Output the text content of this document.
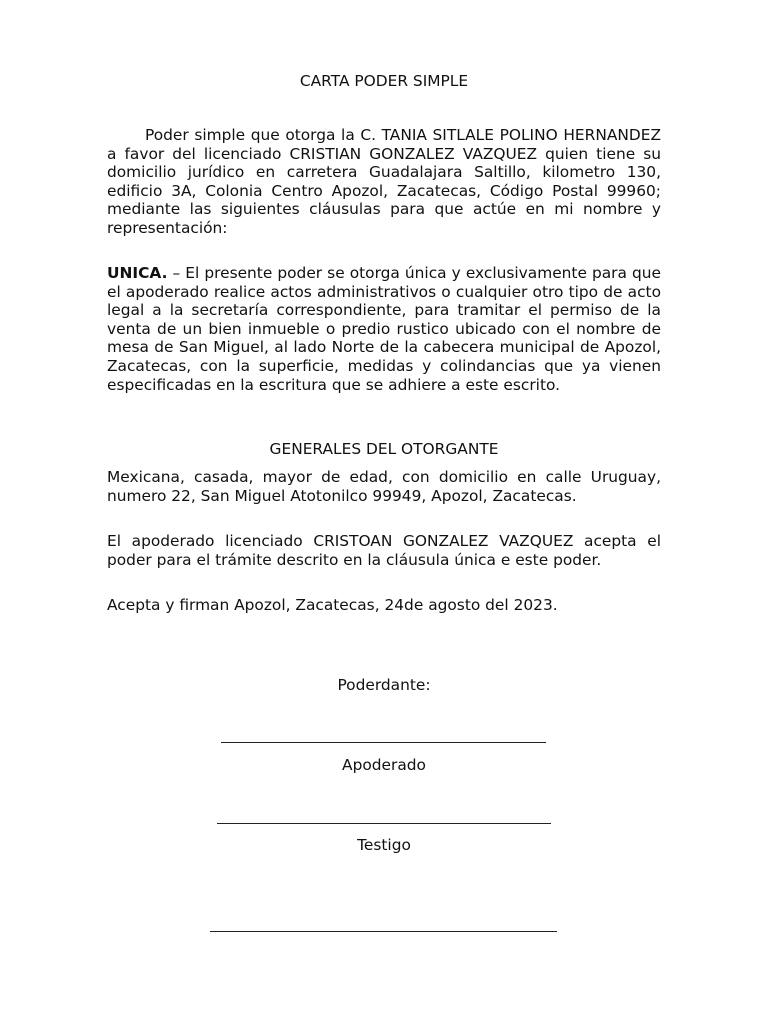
CARTA PODER SIMPLE
Poder simple que otorga la C. TANIA SITLALE POLINO HERNANDEZ a favor del licenciado CRISTIAN GONZALEZ VAZQUEZ quien tiene su domicilio jurídico en carretera Guadalajara Saltillo, kilometro 130, edificio 3A, Colonia Centro Apozol, Zacatecas, Código Postal 99960; mediante las siguientes cláusulas para que actúe en mi nombre y representación:
UNICA. – El presente poder se otorga única y exclusivamente para que el apoderado realice actos administrativos o cualquier otro tipo de acto legal a la secretaría correspondiente, para tramitar el permiso de la venta de un bien inmueble o predio rustico ubicado con el nombre de mesa de San Miguel, al lado Norte de la cabecera municipal de Apozol, Zacatecas, con la superficie, medidas y colindancias que ya vienen especificadas en la escritura que se adhiere a este escrito.
GENERALES DEL OTORGANTE
Mexicana, casada, mayor de edad, con domicilio en calle Uruguay, numero 22, San Miguel Atotonilco 99949, Apozol, Zacatecas.
El apoderado licenciado CRISTOAN GONZALEZ VAZQUEZ acepta el poder para el trámite descrito en la cláusula única e este poder.
Acepta y firman Apozol, Zacatecas, 24de agosto del 2023.
Poderdante:
Apoderado
Testigo
